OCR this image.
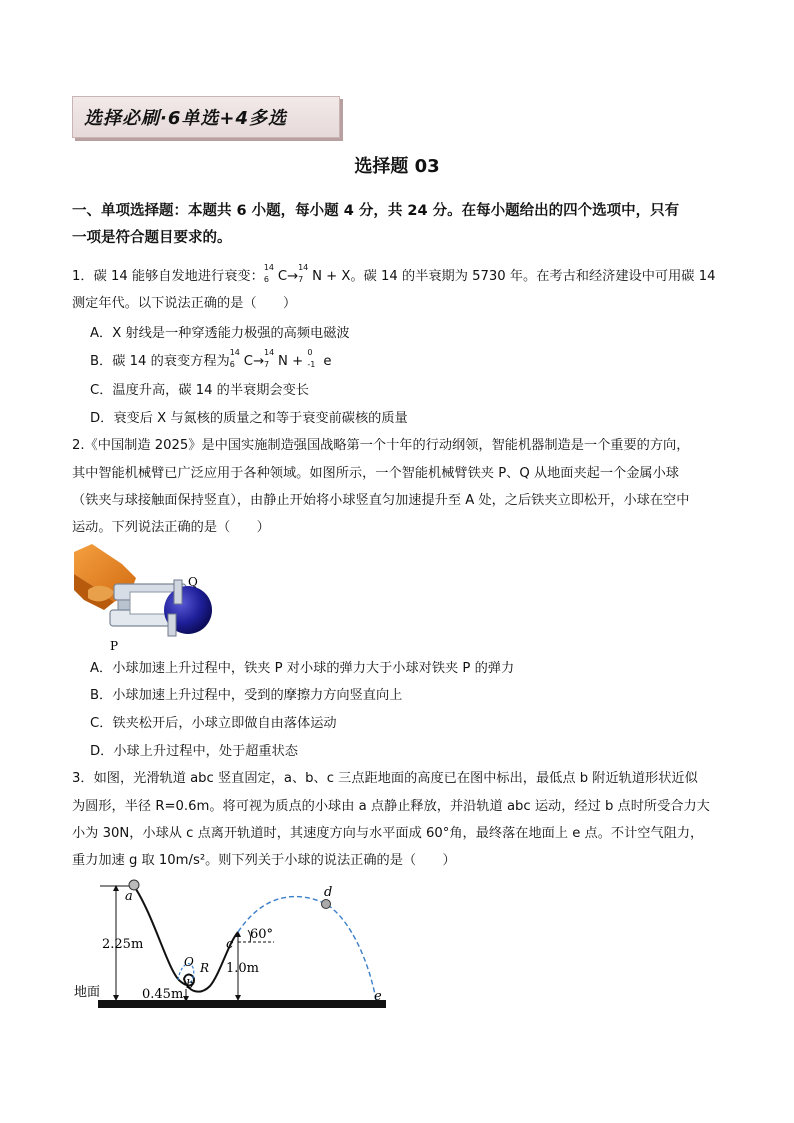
选择必刷·6单选+4多选
选择题 03
一、单项选择题：本题共 6 小题，每小题 4 分，共 24 分。在每小题给出的四个选项中，只有
一项是符合题目要求的。
1．碳 14 能够自发地进行衰变：
14
6 C→
14
7 N + X。碳 14 的半衰期为 5730 年。在考古和经济建设中可用碳 14
测定年代。以下说法正确的是（　　）
A．X 射线是一种穿透能力极强的高频电磁波
B．碳 14 的衰变方程为
14
6 C→
14
7 N +
0
-1 e
C．温度升高，碳 14 的半衰期会变长
D．衰变后 X 与氮核的质量之和等于衰变前碳核的质量
2.《中国制造 2025》是中国实施制造强国战略第一个十年的行动纲领，智能机器制造是一个重要的方向，
其中智能机械臂已广泛应用于各种领域。如图所示，一个智能机械臂铁夹 P、Q 从地面夹起一个金属小球
（铁夹与球接触面保持竖直），由静止开始将小球竖直匀加速提升至 A 处，之后铁夹立即松开，小球在空中
运动。下列说法正确的是（　　）
Q
P
A．小球加速上升过程中，铁夹 P 对小球的弹力大于小球对铁夹 P 的弹力
B．小球加速上升过程中，受到的摩擦力方向竖直向上
C．铁夹松开后，小球立即做自由落体运动
D．小球上升过程中，处于超重状态
3．如图，光滑轨道 abc 竖直固定，a、b、c 三点距地面的高度已在图中标出，最低点 b 附近轨道形状近似
为圆形，半径 R=0.6m。将可视为质点的小球由 a 点静止释放，并沿轨道 abc 运动，经过 b 点时所受合力大
小为 30N，小球从 c 点离开轨道时，其速度方向与水平面成 60°角，最终落在地面上 e 点。不计空气阻力，
重力加速 g 取 10m/s²。则下列关于小球的说法正确的是（　　）
地面
2.25m
a
O R
b
0.45m
1.0m
c
60°
d
e
